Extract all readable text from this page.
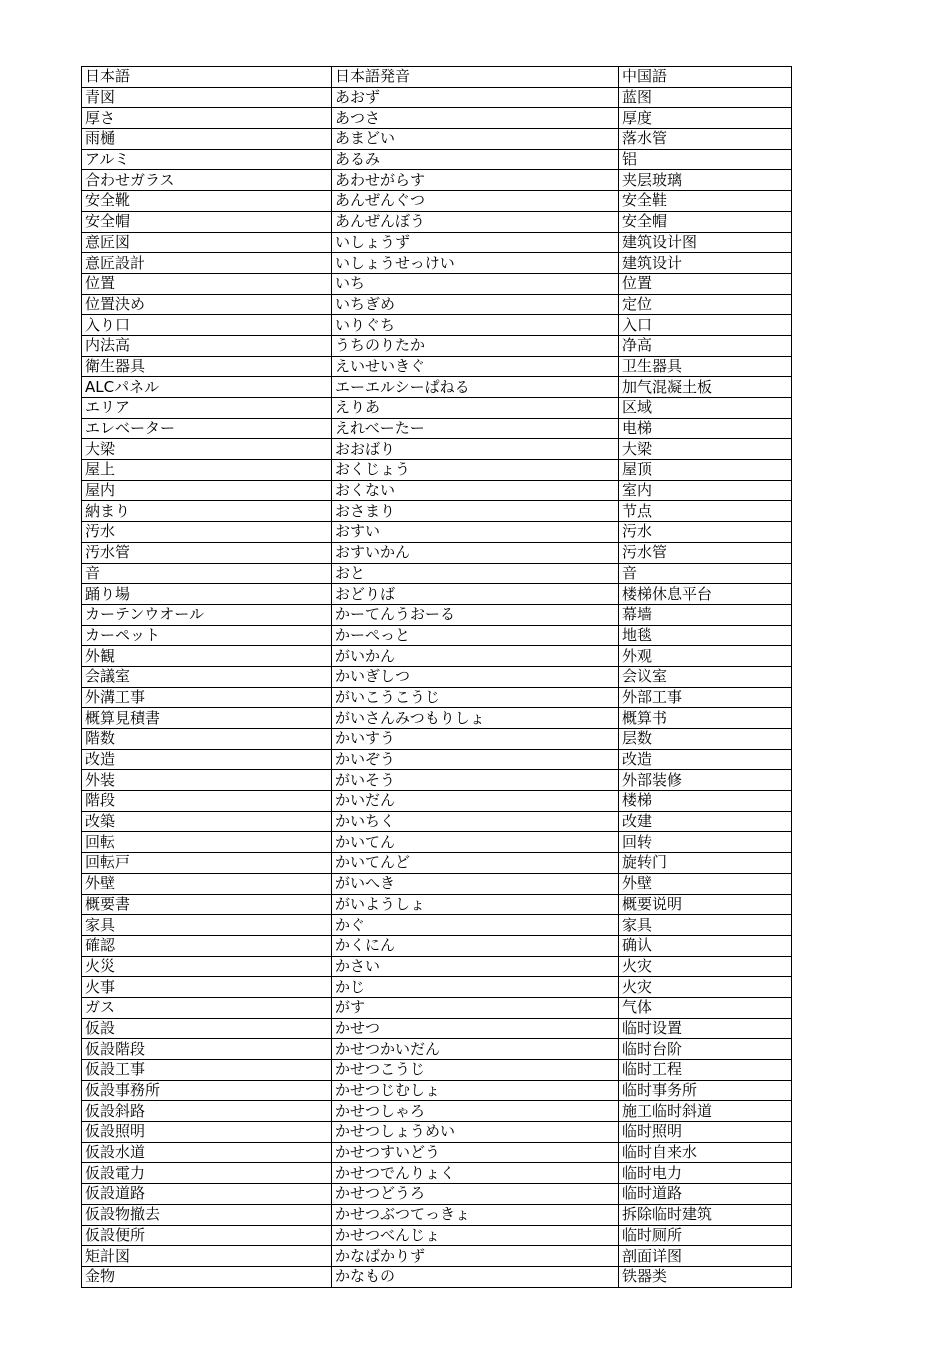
日本語	日本語発音	中国語
青図	あおず	蓝图
厚さ	あつさ	厚度
雨樋	あまどい	落水管
アルミ	あるみ	铝
合わせガラス	あわせがらす	夹层玻璃
安全靴	あんぜんぐつ	安全鞋
安全帽	あんぜんぼう	安全帽
意匠図	いしょうず	建筑设计图
意匠設計	いしょうせっけい	建筑设计
位置	いち	位置
位置決め	いちぎめ	定位
入り口	いりぐち	入口
内法高	うちのりたか	净高
衛生器具	えいせいきぐ	卫生器具
ALCパネル	エーエルシーぱねる	加气混凝土板
エリア	えりあ	区域
エレベーター	えれべーたー	电梯
大梁	おおばり	大梁
屋上	おくじょう	屋顶
屋内	おくない	室内
納まり	おさまり	节点
汚水	おすい	污水
汚水管	おすいかん	污水管
音	おと	音
踊り場	おどりば	楼梯休息平台
カーテンウオール	かーてんうおーる	幕墙
カーペット	かーぺっと	地毯
外観	がいかん	外观
会議室	かいぎしつ	会议室
外溝工事	がいこうこうじ	外部工事
概算見積書	がいさんみつもりしょ	概算书
階数	かいすう	层数
改造	かいぞう	改造
外装	がいそう	外部装修
階段	かいだん	楼梯
改築	かいちく	改建
回転	かいてん	回转
回転戸	かいてんど	旋转门
外壁	がいへき	外壁
概要書	がいようしょ	概要说明
家具	かぐ	家具
確認	かくにん	确认
火災	かさい	火灾
火事	かじ	火灾
ガス	がす	气体
仮設	かせつ	临时设置
仮設階段	かせつかいだん	临时台阶
仮設工事	かせつこうじ	临时工程
仮設事務所	かせつじむしょ	临时事务所
仮設斜路	かせつしゃろ	施工临时斜道
仮設照明	かせつしょうめい	临时照明
仮設水道	かせつすいどう	临时自来水
仮設電力	かせつでんりょく	临时电力
仮設道路	かせつどうろ	临时道路
仮設物撤去	かせつぶつてっきょ	拆除临时建筑
仮設便所	かせつべんじょ	临时厕所
矩計図	かなばかりず	剖面详图
金物	かなもの	铁器类
